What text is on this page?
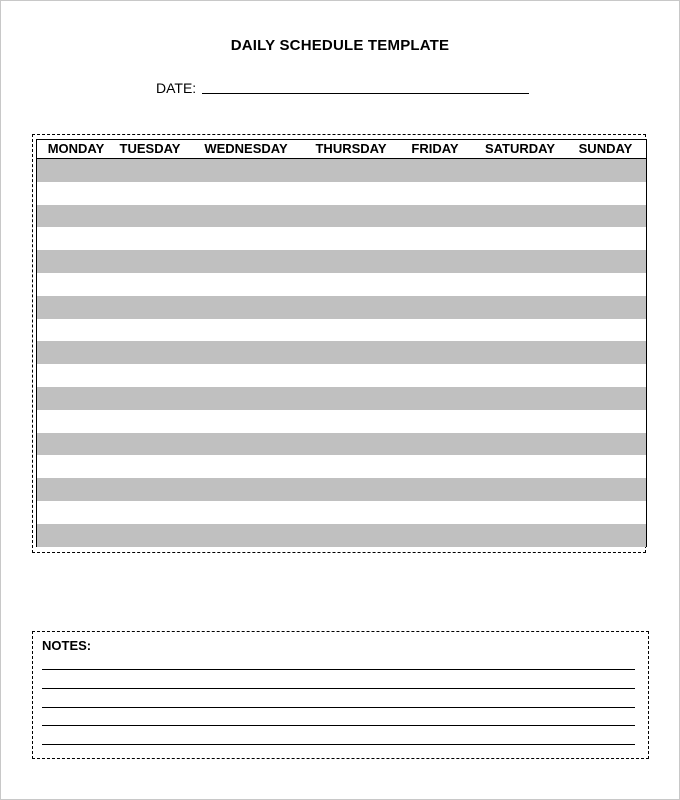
DAILY SCHEDULE TEMPLATE
DATE:
MONDAY	TUESDAY	WEDNESDAY	THURSDAY	FRIDAY	SATURDAY	SUNDAY
NOTES:
